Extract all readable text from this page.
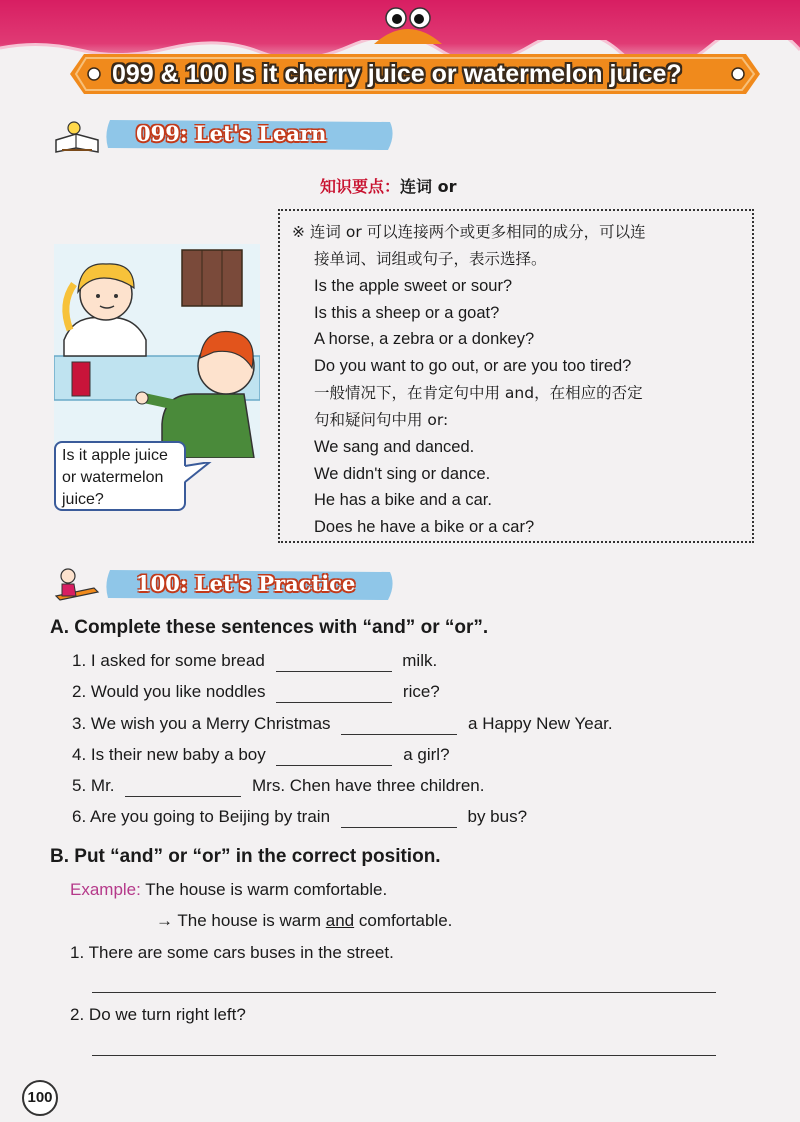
099 & 100 Is it cherry juice or watermelon juice?
099: Let's Learn
知识要点：连词 or
Is it apple juice
or watermelon
juice?
※ 连词 or 可以连接两个或更多相同的成分，可以连
接单词、词组或句子，表示选择。
Is the apple sweet or sour?
Is this a sheep or a goat?
A horse, a zebra or a donkey?
Do you want to go out, or are you too tired?
一般情况下，在肯定句中用 and，在相应的否定
句和疑问句中用 or:
We sang and danced.
We didn't sing or dance.
He has a bike and a car.
Does he have a bike or a car?
100: Let's Practice
A. Complete these sentences with “and” or “or”.
1. I asked for some bread	milk.
2. Would you like noddles	rice?
3. We wish you a Merry Christmas	a Happy New Year.
4. Is their new baby a boy	a girl?
5. Mr.	Mrs. Chen have three children.
6. Are you going to Beijing by train	by bus?
B. Put “and” or “or” in the correct position.
Example: The house is warm comfortable.
→ The house is warm and comfortable.
1. There are some cars buses in the street.
2. Do we turn right left?
100
